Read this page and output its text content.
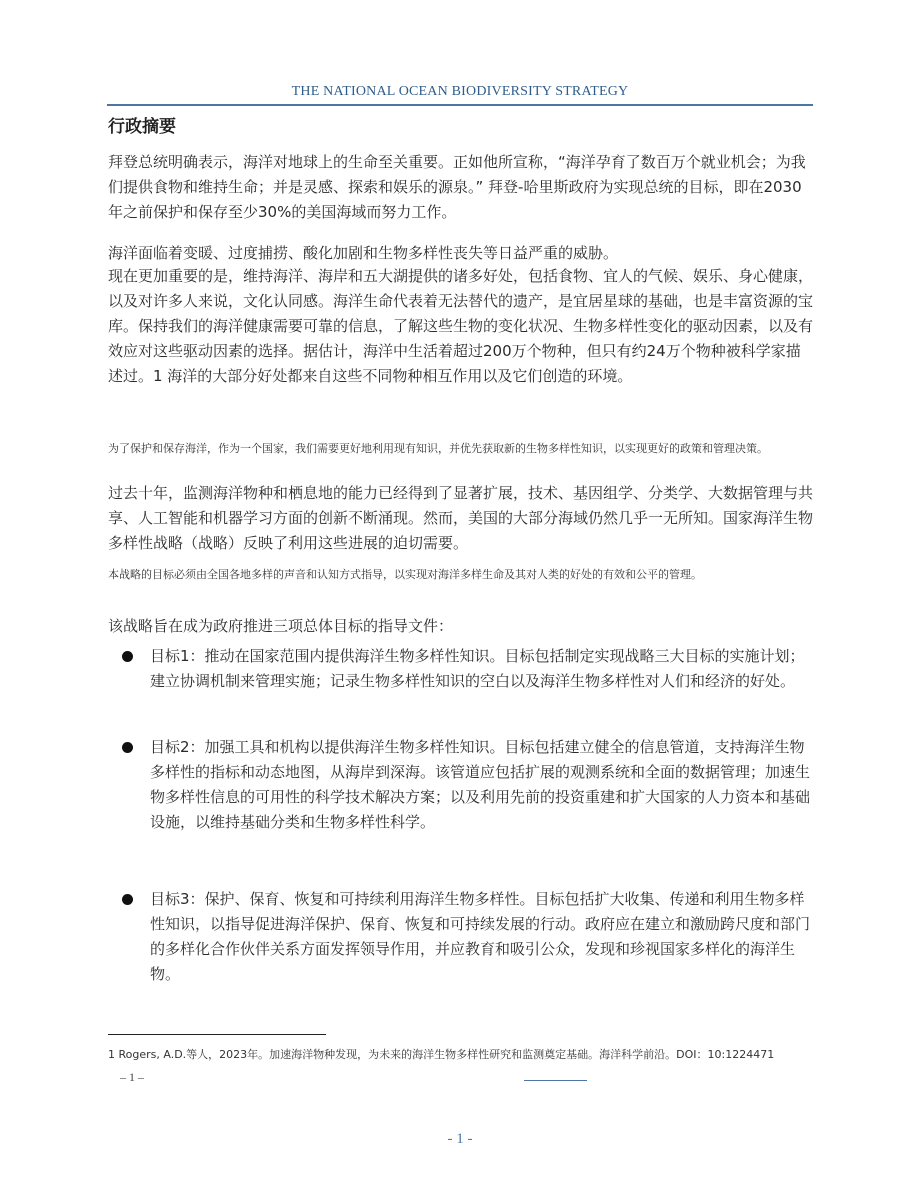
THE NATIONAL OCEAN BIODIVERSITY STRATEGY
行政摘要

拜登总统明确表示，海洋对地球上的生命至关重要。正如他所宣称，“海洋孕育了数百万个就业机会；为我们提供食物和维持生命；并是灵感、探索和娱乐的源泉。” 拜登-哈里斯政府为实现总统的目标，即在2030年之前保护和保存至少30%的美国海域而努力工作。

海洋面临着变暖、过度捕捞、酸化加剧和生物多样性丧失等日益严重的威胁。

现在更加重要的是，维持海洋、海岸和五大湖提供的诸多好处，包括食物、宜人的气候、娱乐、身心健康，以及对许多人来说，文化认同感。海洋生命代表着无法替代的遗产，是宜居星球的基础，也是丰富资源的宝库。保持我们的海洋健康需要可靠的信息，了解这些生物的变化状况、生物多样性变化的驱动因素，以及有效应对这些驱动因素的选择。据估计，海洋中生活着超过200万个物种，但只有约24万个物种被科学家描述过。1 海洋的大部分好处都来自这些不同物种相互作用以及它们创造的环境。

为了保护和保存海洋，作为一个国家，我们需要更好地利用现有知识，并优先获取新的生物多样性知识，以实现更好的政策和管理决策。

过去十年，监测海洋物种和栖息地的能力已经得到了显著扩展，技术、基因组学、分类学、大数据管理与共享、人工智能和机器学习方面的创新不断涌现。然而，美国的大部分海域仍然几乎一无所知。国家海洋生物多样性战略（战略）反映了利用这些进展的迫切需要。

本战略的目标必须由全国各地多样的声音和认知方式指导，以实现对海洋多样生命及其对人类的好处的有效和公平的管理。

该战略旨在成为政府推进三项总体目标的指导文件：

目标1：推动在国家范围内提供海洋生物多样性知识。目标包括制定实现战略三大目标的实施计划；建立协调机制来管理实施；记录生物多样性知识的空白以及海洋生物多样性对人们和经济的好处。

目标2：加强工具和机构以提供海洋生物多样性知识。目标包括建立健全的信息管道，支持海洋生物多样性的指标和动态地图，从海岸到深海。该管道应包括扩展的观测系统和全面的数据管理；加速生物多样性信息的可用性的科学技术解决方案；以及利用先前的投资重建和扩大国家的人力资本和基础设施，以维持基础分类和生物多样性科学。

目标3：保护、保育、恢复和可持续利用海洋生物多样性。目标包括扩大收集、传递和利用生物多样性知识，以指导促进海洋保护、保育、恢复和可持续发展的行动。政府应在建立和激励跨尺度和部门的多样化合作伙伴关系方面发挥领导作用，并应教育和吸引公众，发现和珍视国家多样化的海洋生物。

1 Rogers, A.D.等人，2023年。加速海洋物种发现，为未来的海洋生物多样性研究和监测奠定基础。海洋科学前沿。DOI：10:1224471
– 1 –
- 1 -
